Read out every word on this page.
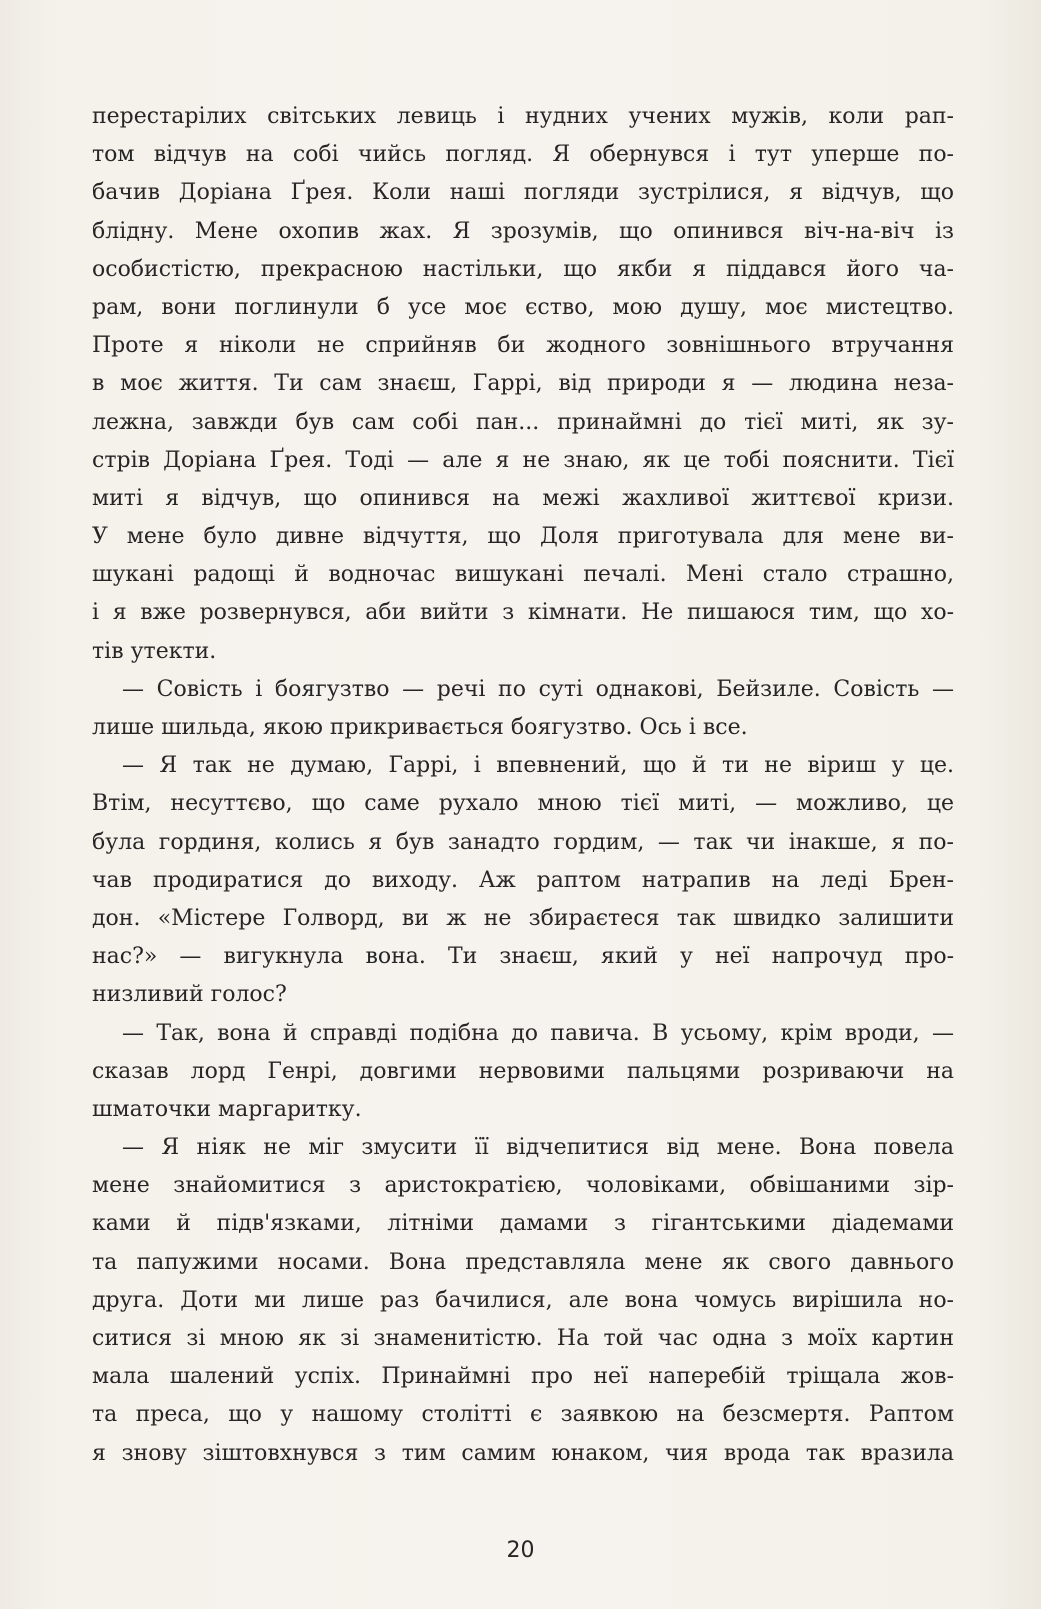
перестарілих світських левиць і нудних учених мужів, коли рап-
том відчув на собі чийсь погляд. Я обернувся і тут уперше по-
бачив Доріана Ґрея. Коли наші погляди зустрілися, я відчув, що
блідну. Мене охопив жах. Я зрозумів, що опинився віч-на-віч із
особистістю, прекрасною настільки, що якби я піддався його ча-
рам, вони поглинули б усе моє єство, мою душу, моє мистецтво.
Проте я ніколи не сприйняв би жодного зовнішнього втручання
в моє життя. Ти сам знаєш, Гаррі, від природи я — людина неза-
лежна, завжди був сам собі пан... принаймні до тієї миті, як зу-
стрів Доріана Ґрея. Тоді — але я не знаю, як це тобі пояснити. Тієї
миті я відчув, що опинився на межі жахливої життєвої кризи.
У мене було дивне відчуття, що Доля приготувала для мене ви-
шукані радощі й водночас вишукані печалі. Мені стало страшно,
і я вже розвернувся, аби вийти з кімнати. Не пишаюся тим, що хо-
тів утекти.
— Совість і боягузтво — речі по суті однакові, Бейзиле. Совість —
лише шильда, якою прикривається боягузтво. Ось і все.
— Я так не думаю, Гаррі, і впевнений, що й ти не віриш у це.
Втім, несуттєво, що саме рухало мною тієї миті, — можливо, це
була гординя, колись я був занадто гордим, — так чи інакше, я по-
чав продиратися до виходу. Аж раптом натрапив на леді Брен-
дон. «Містере Голворд, ви ж не збираєтеся так швидко залишити
нас?» — вигукнула вона. Ти знаєш, який у неї напрочуд про-
низливий голос?
— Так, вона й справді подібна до павича. В усьому, крім вроди, —
сказав лорд Генрі, довгими нервовими пальцями розриваючи на
шматочки маргаритку.
— Я ніяк не міг змусити її відчепитися від мене. Вона повела
мене знайомитися з аристократією, чоловіками, обвішаними зір-
ками й підв'язками, літніми дамами з гігантськими діадемами
та папужими носами. Вона представляла мене як свого давнього
друга. Доти ми лише раз бачилися, але вона чомусь вирішила но-
ситися зі мною як зі знаменитістю. На той час одна з моїх картин
мала шалений успіх. Принаймні про неї наперебій тріщала жов-
та преса, що у нашому столітті є заявкою на безсмертя. Раптом
я знову зіштовхнувся з тим самим юнаком, чия врода так вразила
20
